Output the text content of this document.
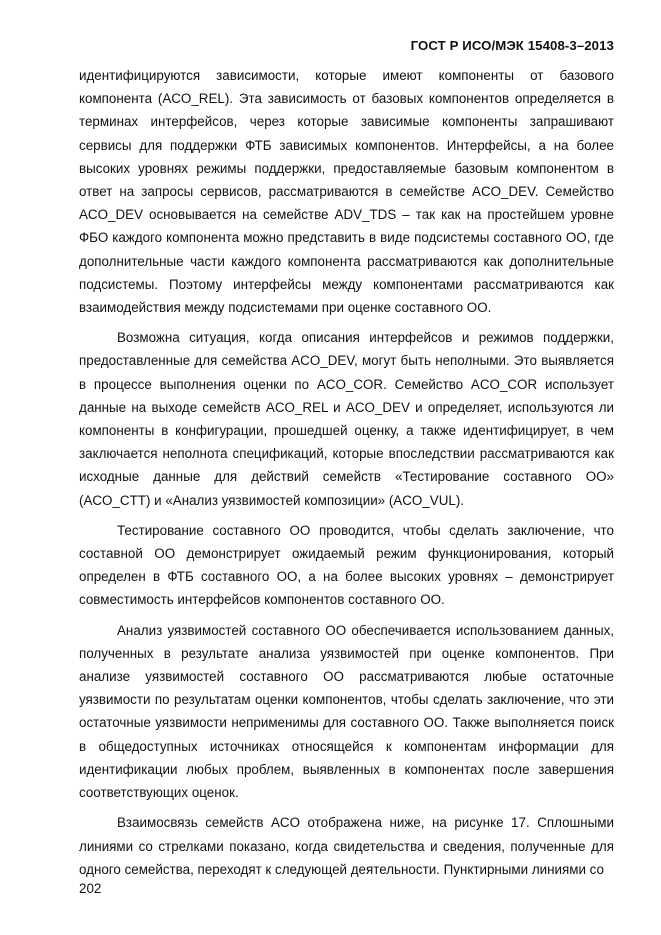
ГОСТ Р ИСО/МЭК 15408-3–2013

идентифицируются зависимости, которые имеют компоненты от базового компонента (ACO_REL). Эта зависимость от базовых компонентов определяется в терминах интерфейсов, через которые зависимые компоненты запрашивают сервисы для поддержки ФТБ зависимых компонентов. Интерфейсы, а на более высоких уровнях режимы поддержки, предоставляемые базовым компонентом в ответ на запросы сервисов, рассматриваются в семействе ACO_DEV. Семейство ACO_DEV основывается на семействе ADV_TDS – так как на простейшем уровне ФБО каждого компонента можно представить в виде подсистемы составного ОО, где дополнительные части каждого компонента рассматриваются как дополнительные подсистемы. Поэтому интерфейсы между компонентами рассматриваются как взаимодействия между подсистемами при оценке составного ОО.

Возможна ситуация, когда описания интерфейсов и режимов поддержки, предоставленные для семейства ACO_DEV, могут быть неполными. Это выявляется в процессе выполнения оценки по ACO_COR. Семейство ACO_COR использует данные на выходе семейств ACO_REL и ACO_DEV и определяет, используются ли компоненты в конфигурации, прошедшей оценку, а также идентифицирует, в чем заключается неполнота спецификаций, которые впоследствии рассматриваются как исходные данные для действий семейств «Тестирование составного ОО» (ACO_CTT) и «Анализ уязвимостей композиции» (ACO_VUL).

Тестирование составного ОО проводится, чтобы сделать заключение, что составной ОО демонстрирует ожидаемый режим функционирования, который определен в ФТБ составного ОО, а на более высоких уровнях – демонстрирует совместимость интерфейсов компонентов составного ОО.

Анализ уязвимостей составного ОО обеспечивается использованием данных, полученных в результате анализа уязвимостей при оценке компонентов. При анализе уязвимостей составного ОО рассматриваются любые остаточные уязвимости по результатам оценки компонентов, чтобы сделать заключение, что эти остаточные уязвимости неприменимы для составного ОО. Также выполняется поиск в общедоступных источниках относящейся к компонентам информации для идентификации любых проблем, выявленных в компонентах после завершения соответствующих оценок.

Взаимосвязь семейств ACO отображена ниже, на рисунке 17. Сплошными линиями со стрелками показано, когда свидетельства и сведения, полученные для одного семейства, переходят к следующей деятельности. Пунктирными линиями со

202
